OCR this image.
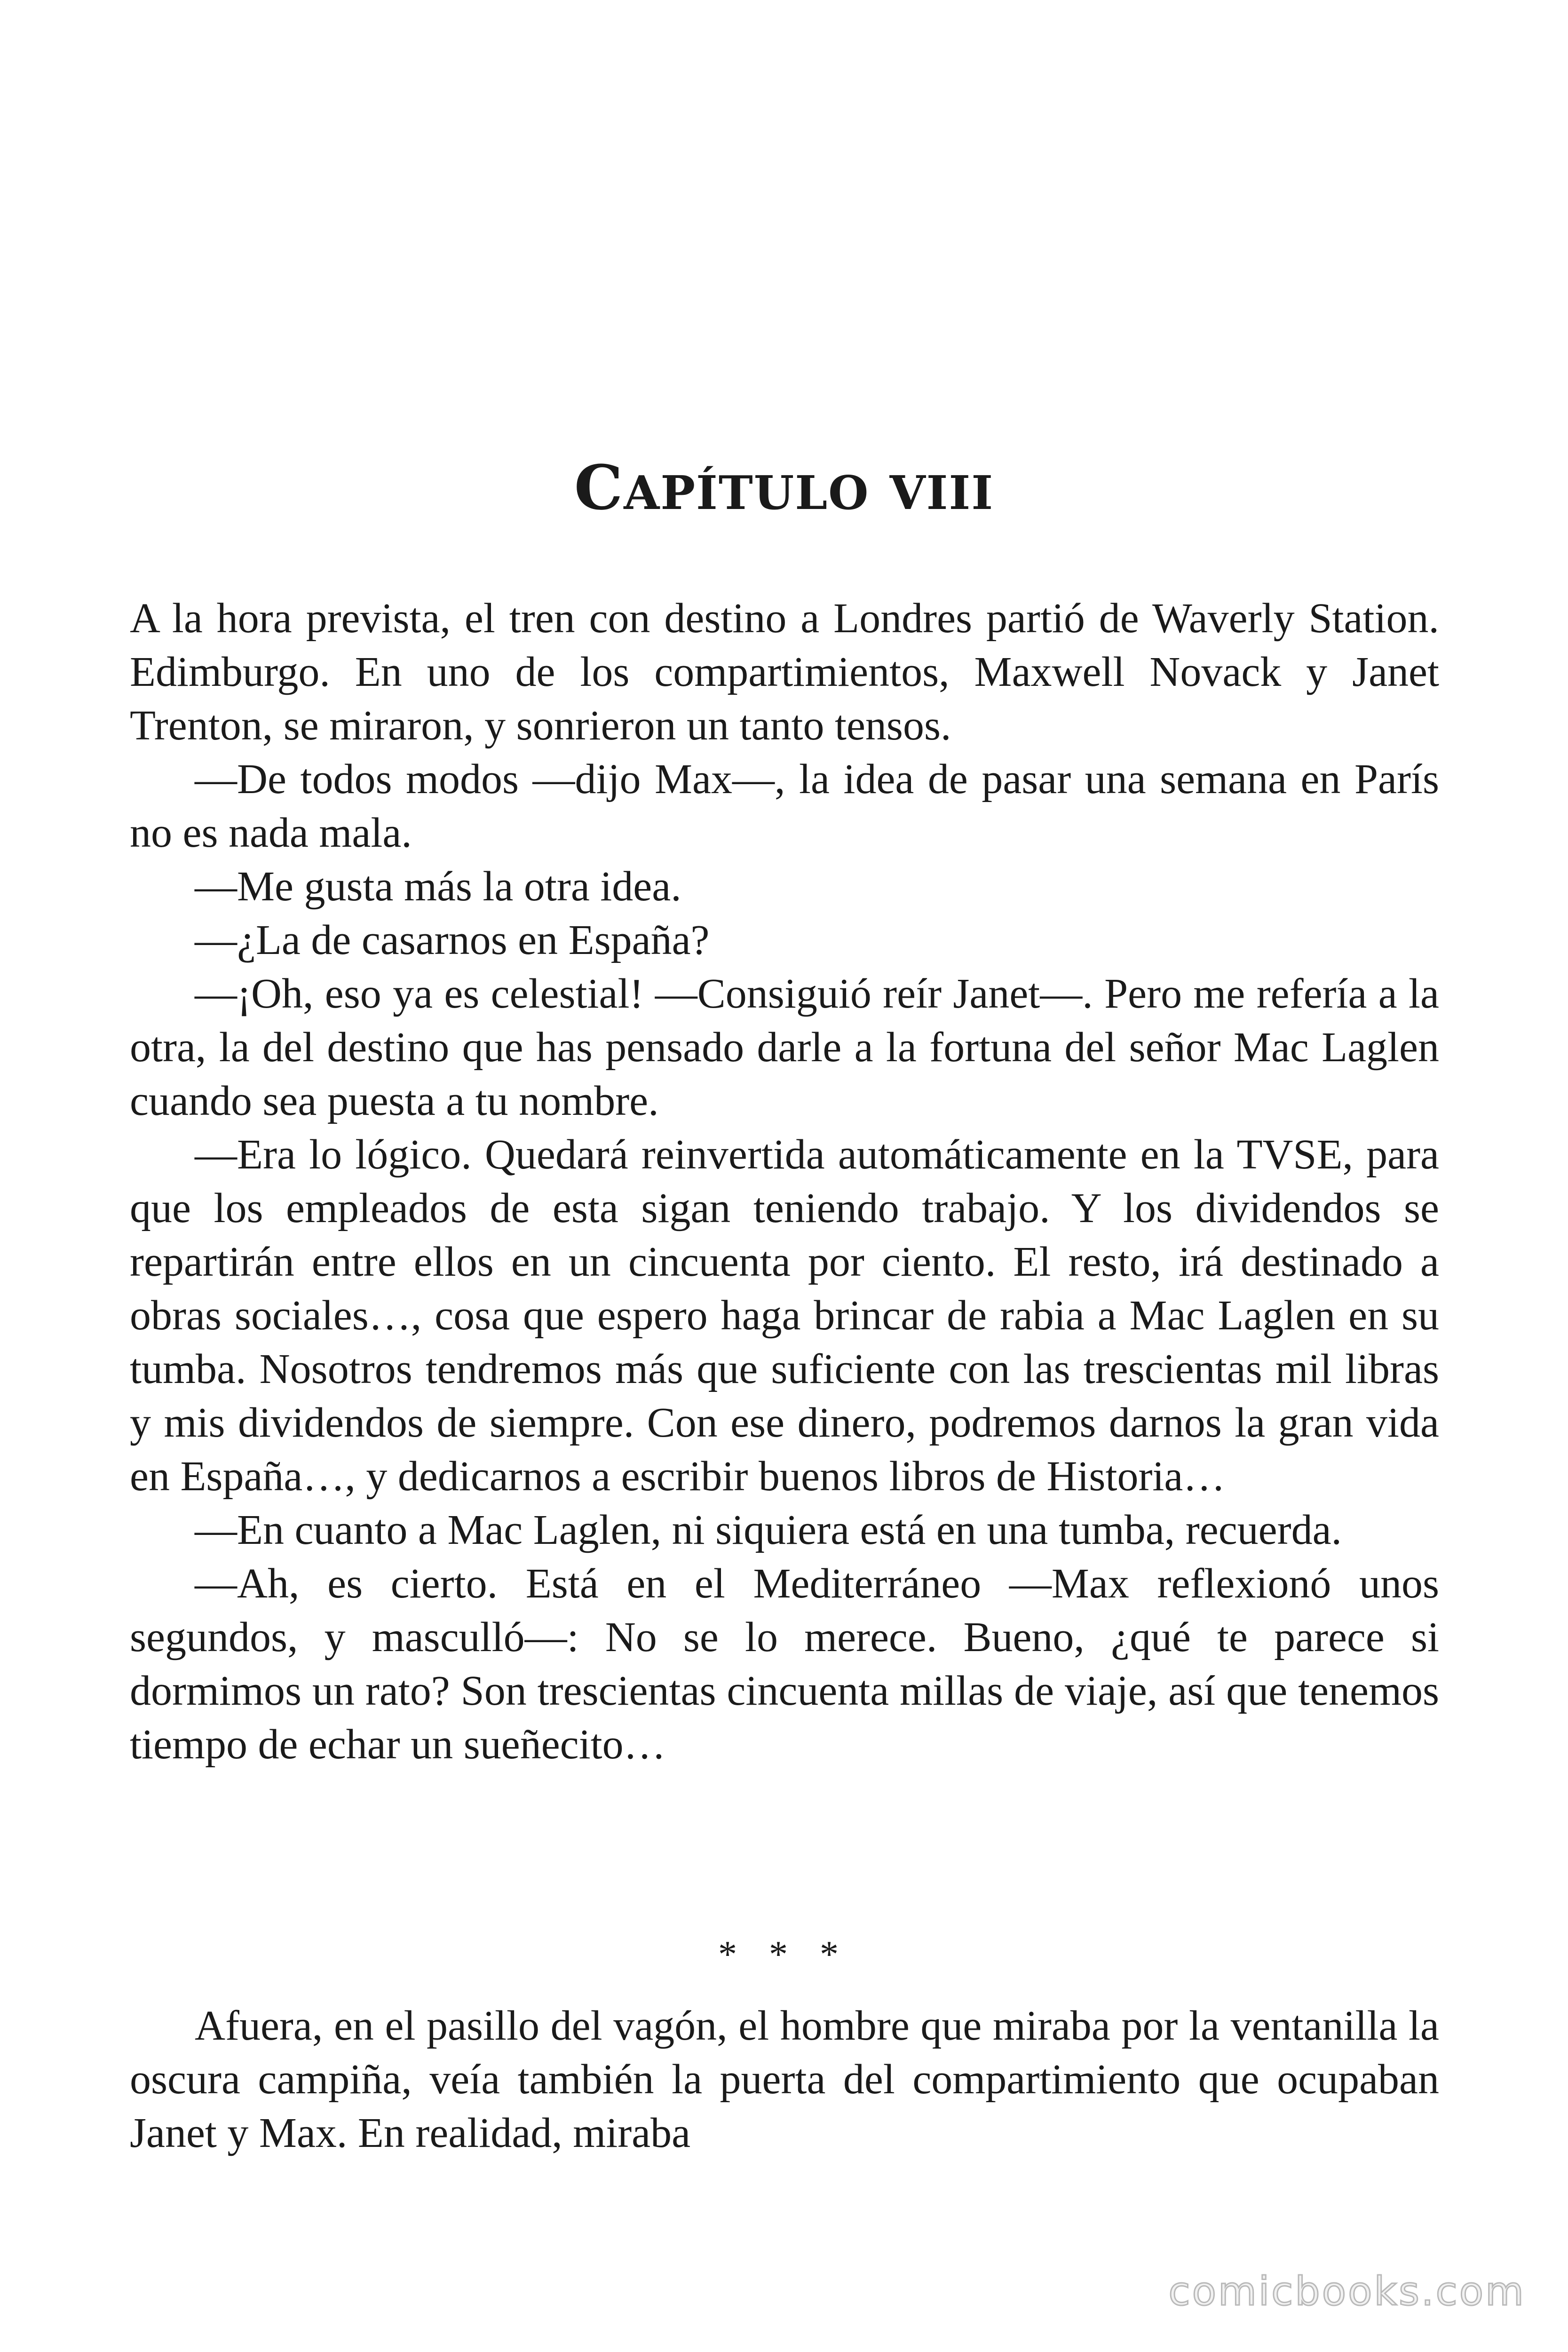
CAPÍTULO VIII

A la hora prevista, el tren con destino a Londres partió de Waverly Station. Edimburgo. En uno de los compartimientos, Maxwell Novack y Janet Trenton, se miraron, y sonrieron un tanto tensos.

—De todos modos —dijo Max—, la idea de pasar una semana en París no es nada mala.

—Me gusta más la otra idea.

—¿La de casarnos en España?

—¡Oh, eso ya es celestial! —Consiguió reír Janet—. Pero me refería a la otra, la del destino que has pensado darle a la fortuna del señor Mac Laglen cuando sea puesta a tu nombre.

—Era lo lógico. Quedará reinvertida automáticamente en la TVSE, para que los empleados de esta sigan teniendo trabajo. Y los dividendos se repartirán entre ellos en un cincuenta por ciento. El resto, irá destinado a obras sociales…, cosa que espero haga brincar de rabia a Mac Laglen en su tumba. Nosotros tendremos más que suficiente con las trescientas mil libras y mis dividendos de siempre. Con ese dinero, podremos darnos la gran vida en España…, y dedicarnos a escribir buenos libros de Historia…

—En cuanto a Mac Laglen, ni siquiera está en una tumba, recuerda.

—Ah, es cierto. Está en el Mediterráneo —Max reflexionó unos segundos, y masculló—: No se lo merece. Bueno, ¿qué te parece si dormimos un rato? Son trescientas cincuenta millas de viaje, así que tenemos tiempo de echar un sueñecito…

* * *

Afuera, en el pasillo del vagón, el hombre que miraba por la ventanilla la oscura campiña, veía también la puerta del compartimiento que ocupaban Janet y Max. En realidad, miraba

comicbooks.com
